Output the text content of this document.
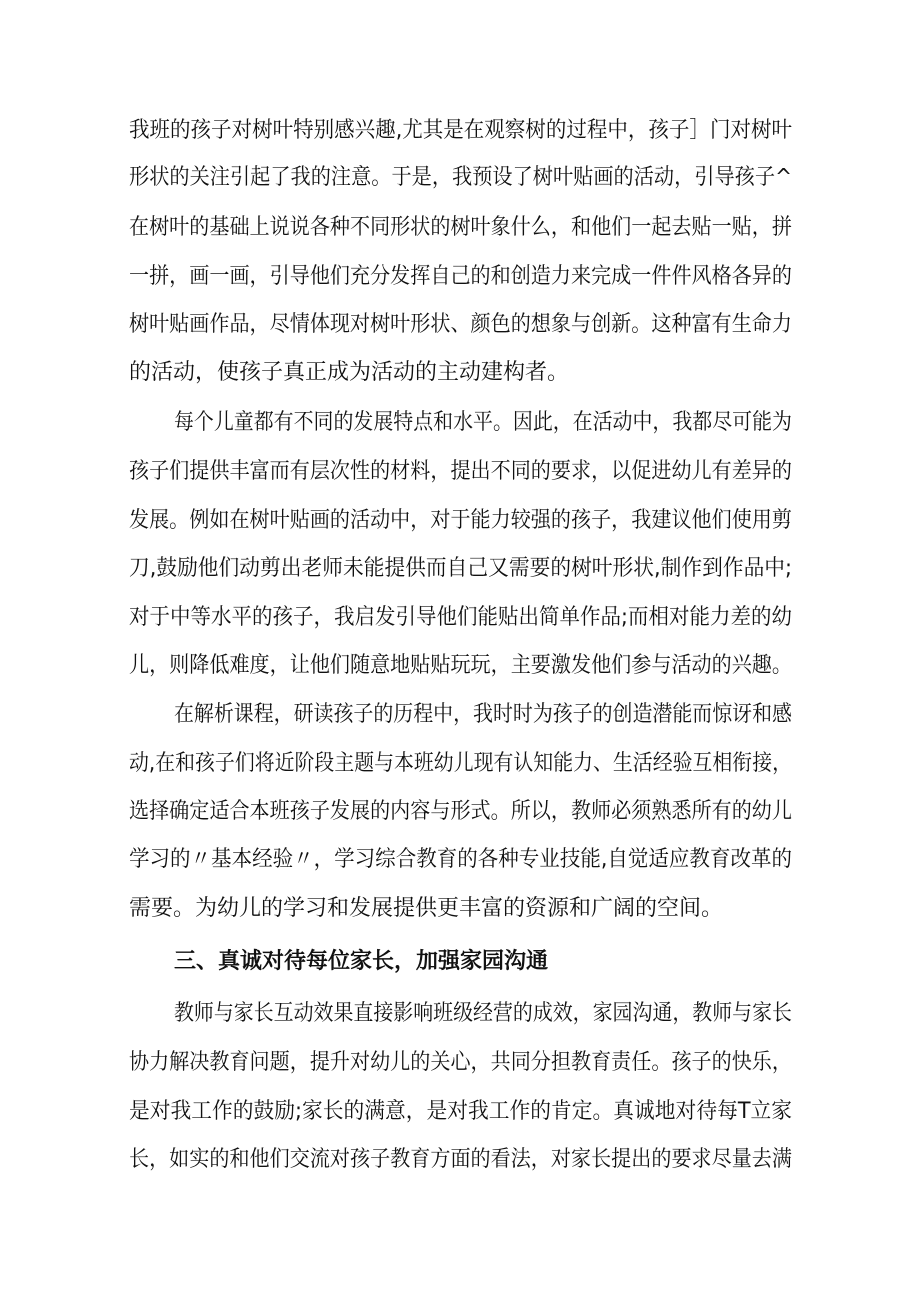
我班的孩子对树叶特别感兴趣,尤其是在观察树的过程中，孩子］门对树叶
形状的关注引起了我的注意。于是，我预设了树叶贴画的活动，引导孩子^
在树叶的基础上说说各种不同形状的树叶象什么，和他们一起去贴一贴，拼
一拼，画一画，引导他们充分发挥自己的和创造力来完成一件件风格各异的
树叶贴画作品，尽情体现对树叶形状、颜色的想象与创新。这种富有生命力
的活动，使孩子真正成为活动的主动建构者。
每个儿童都有不同的发展特点和水平。因此，在活动中，我都尽可能为
孩子们提供丰富而有层次性的材料，提出不同的要求，以促进幼儿有差异的
发展。例如在树叶贴画的活动中，对于能力较强的孩子，我建议他们使用剪
刀,鼓励他们动剪出老师未能提供而自己又需要的树叶形状,制作到作品中;
对于中等水平的孩子，我启发引导他们能贴出简单作品;而相对能力差的幼
儿，则降低难度，让他们随意地贴贴玩玩，主要激发他们参与活动的兴趣。
在解析课程，研读孩子的历程中，我时时为孩子的创造潜能而惊讶和感
动,在和孩子们将近阶段主题与本班幼儿现有认知能力、生活经验互相衔接，
选择确定适合本班孩子发展的内容与形式。所以，教师必须熟悉所有的幼儿
学习的〃基本经验〃，学习综合教育的各种专业技能,自觉适应教育改革的
需要。为幼儿的学习和发展提供更丰富的资源和广阔的空间。
三、真诚对待每位家长，加强家园沟通
教师与家长互动效果直接影响班级经营的成效，家园沟通，教师与家长
协力解决教育问题，提升对幼儿的关心，共同分担教育责任。孩子的快乐，
是对我工作的鼓励;家长的满意，是对我工作的肯定。真诚地对待每T立家
长，如实的和他们交流对孩子教育方面的看法，对家长提出的要求尽量去满
